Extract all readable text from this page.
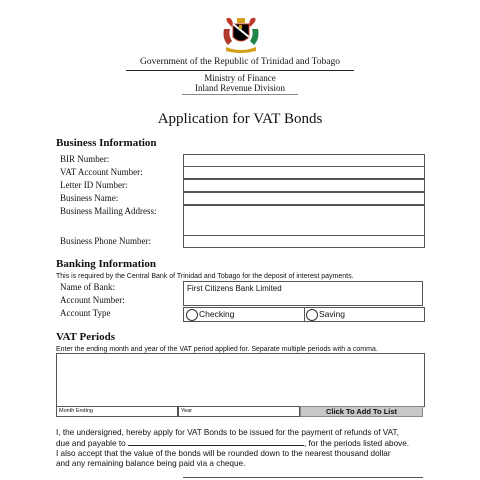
Government of the Republic of Trinidad and Tobago
Ministry of Finance
Inland Revenue Division
Application for VAT Bonds
Business Information
BIR Number:
VAT Account Number:
Letter ID Number:
Business Name:
Business Mailing Address:
Business Phone Number:
Banking Information
This is required by the Central Bank of Trinidad and Tobago for the deposit of interest payments.
Name of Bank:	First Citizens Bank Limited
Account Number:
Account Type	Checking	Saving
VAT Periods
Enter the ending month and year of the VAT period applied for. Separate multiple periods with a comma.
Month Ending	Year	Click To Add To List
I, the undersigned, hereby apply for VAT Bonds to be issued for the payment of refunds of VAT,
due and payable to	, for the periods listed above.
I also accept that the value of the bonds will be rounded down to the nearest thousand dollar
and any remaining balance being paid via a cheque.
